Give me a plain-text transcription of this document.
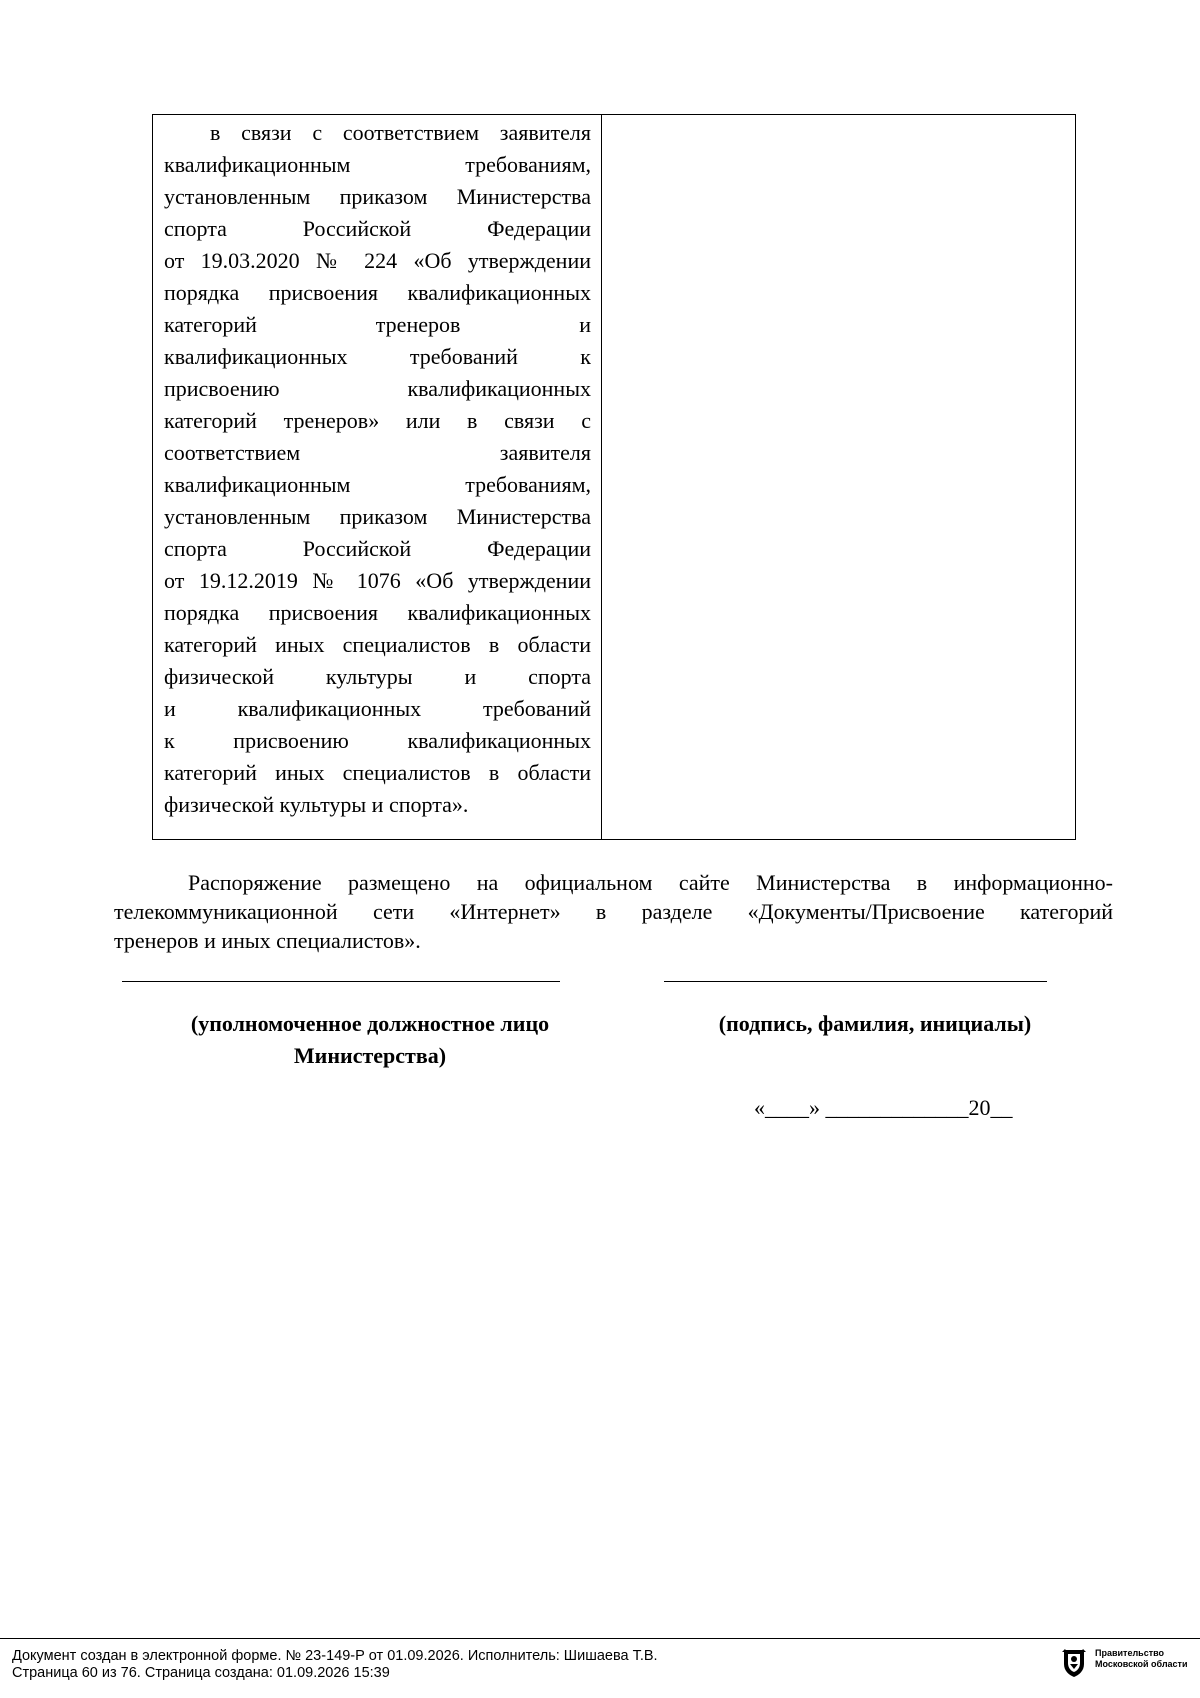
в связи с соответствием заявителя
квалификационным требованиям,
установленным приказом Министерства
спорта Российской Федерации
от 19.03.2020 № 224 «Об утверждении
порядка присвоения квалификационных
категорий тренеров и
квалификационных требований к
присвоению квалификационных
категорий тренеров» или в связи с
соответствием заявителя
квалификационным требованиям,
установленным приказом Министерства
спорта Российской Федерации
от 19.12.2019 № 1076 «Об утверждении
порядка присвоения квалификационных
категорий иных специалистов в области
физической культуры и спорта
и квалификационных требований
к присвоению квалификационных
категорий иных специалистов в области
физической культуры и спорта».
Распоряжение размещено на официальном сайте Министерства в информационно-
телекоммуникационной сети «Интернет» в разделе «Документы/Присвоение категорий
тренеров и иных специалистов».
(уполномоченное должностное лицо
Министерства)
(подпись, фамилия, инициалы)
«____» _____________20__
Документ создан в электронной форме. № 23-149-Р от 01.09.2026. Исполнитель: Шишаева Т.В.
Страница 60 из 76. Страница создана: 01.09.2026 15:39
Правительство
Московской области
